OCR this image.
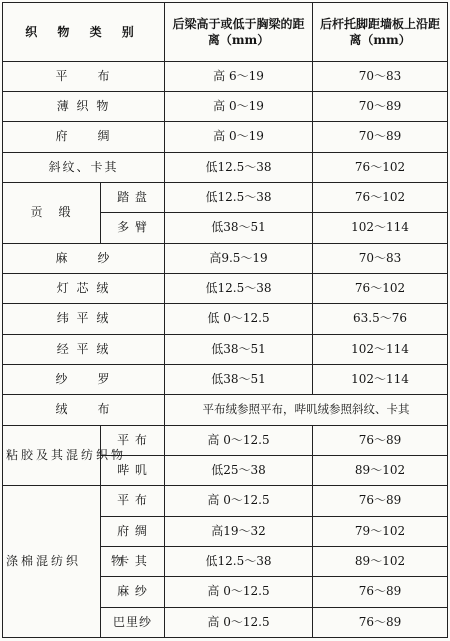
织 物 类 别		后梁高于或低于胸梁的距离（mm）	后杆托脚距墙板上沿距离（mm）
平　　布		高 6～19	70～83
薄 织 物		高 0～19	70～89
府　　绸		高 0～19	70～89
斜纹、卡其		低12.5～38	76～102
贡　缎	踏 盘	低12.5～38	76～102
	多 臂	低38～51	102～114
麻　　纱		高9.5～19	70～83
灯 芯 绒		低12.5～38	76～102
纬 平 绒		低 0～12.5	63.5～76
经 平 绒		低38～51	102～114
纱　　罗		低38～51	102～114
绒　　布		平布绒参照平布，哔叽绒参照斜纹、卡其	
粘胶及其混纺织物	平 布	高 0～12.5	76～89
	哔 叽	低25～38	89～102
涤棉混纺织　　物	平 布	高 0～12.5	76～89
	府 绸	高19～32	79～102
	卡 其	低12.5～38	89～102
	麻 纱	高 0～12.5	76～89
	巴里纱	高 0～12.5	76～89
